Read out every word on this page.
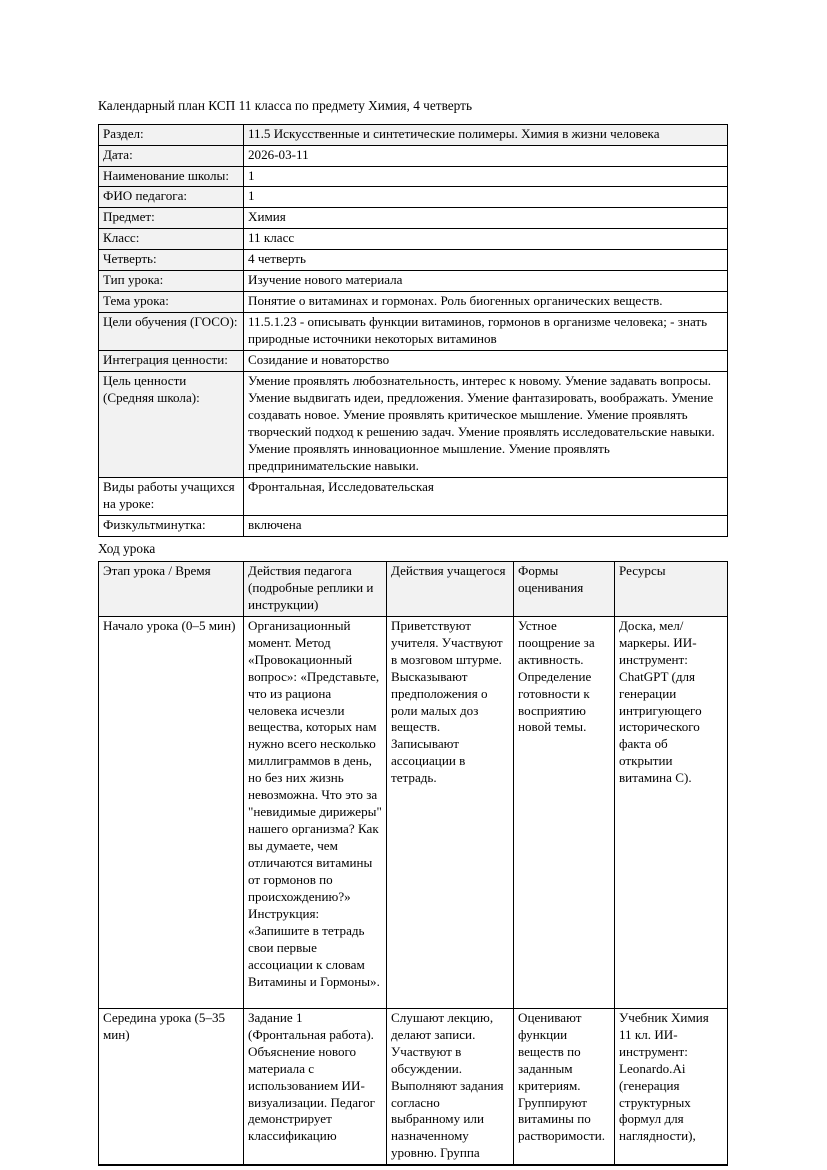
Календарный план КСП 11 класса по предмету Химия, 4 четверть
Раздел:	11.5 Искусственные и синтетические полимеры. Химия в жизни человека
Дата:	2026-03-11
Наименование школы:	1
ФИО педагога:	1
Предмет:	Химия
Класс:	11 класс
Четверть:	4 четверть
Тип урока:	Изучение нового материала
Тема урока:	Понятие о витаминах и гормонах. Роль биогенных органических веществ.
Цели обучения (ГОСО):	11.5.1.23 - описывать функции витаминов, гормонов в организме человека; - знать природные источники некоторых витаминов
Интеграция ценности:	Созидание и новаторство
Цель ценности (Средняя школа):	Умение проявлять любознательность, интерес к новому. Умение задавать вопросы. Умение выдвигать идеи, предложения. Умение фантазировать, воображать. Умение создавать новое. Умение проявлять критическое мышление. Умение проявлять творческий подход к решению задач. Умение проявлять исследовательские навыки. Умение проявлять инновационное мышление. Умение проявлять предпринимательские навыки.
Виды работы учащихся на уроке:	Фронтальная, Исследовательская
Физкультминутка:	включена
Ход урока
Этап урока / Время	Действия педагога (подробные реплики и инструкции)	Действия учащегося	Формы оценивания	Ресурсы
Начало урока (0–5 мин)	Организационный момент. Метод «Провокационный вопрос»: «Представьте, что из рациона человека исчезли вещества, которых нам нужно всего несколько миллиграммов в день, но без них жизнь невозможна. Что это за "невидимые дирижеры" нашего организма? Как вы думаете, чем отличаются витамины от гормонов по происхождению?» Инструкция: «Запишите в тетрадь свои первые ассоциации к словам Витамины и Гормоны».	Приветствуют учителя. Участвуют в мозговом штурме. Высказывают предположения о роли малых доз веществ. Записывают ассоциации в тетрадь.	Устное поощрение за активность. Определение готовности к восприятию новой темы.	Доска, мел/маркеры. ИИ-инструмент: ChatGPT (для генерации интригующего исторического факта об открытии витамина С).
Середина урока (5–35 мин)	Задание 1 (Фронтальная работа). Объяснение нового материала с использованием ИИ-визуализации. Педагог демонстрирует классификацию	Слушают лекцию, делают записи. Участвуют в обсуждении. Выполняют задания согласно выбранному или назначенному уровню. Группа	Оценивают функции веществ по заданным критериям. Группируют витамины по растворимости.	Учебник Химия 11 кл. ИИ-инструмент: Leonardo.Ai (генерация структурных формул для наглядности),
